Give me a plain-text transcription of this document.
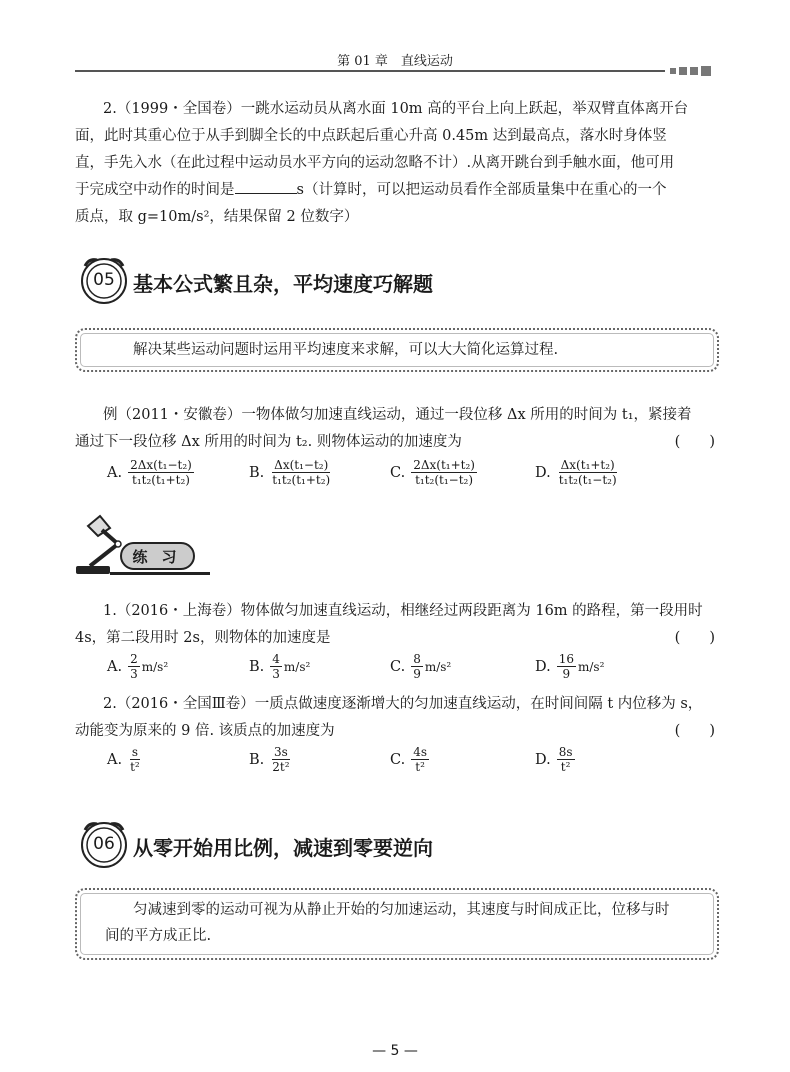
第 01 章　直线运动
2.（1999・全国卷）一跳水运动员从离水面 10m 高的平台上向上跃起，举双臂直体离开台
面，此时其重心位于从手到脚全长的中点跃起后重心升高 0.45m 达到最高点，落水时身体竖
直，手先入水（在此过程中运动员水平方向的运动忽略不计）.从离开跳台到手触水面，他可用
于完成空中动作的时间是	s（计算时，可以把运动员看作全部质量集中在重心的一个
质点，取 g=10m/s²，结果保留 2 位数字）
05 基本公式繁且杂，平均速度巧解题
解决某些运动问题时运用平均速度来求解，可以大大简化运算过程.
例（2011・安徽卷）一物体做匀加速直线运动，通过一段位移 Δx 所用的时间为 t₁，紧接着
通过下一段位移 Δx 所用的时间为 t₂. 则物体运动的加速度为	(　　)
A. $\frac{\text{2Δx(t₁−t₂)}}{\text{t₁t₂(t₁+t₂)}}$	B. $\frac{\text{Δx(t₁−t₂)}}{\text{t₁t₂(t₁+t₂)}}$	C. $\frac{\text{2Δx(t₁+t₂)}}{\text{t₁t₂(t₁−t₂)}}$	D. $\frac{\text{Δx(t₁+t₂)}}{\text{t₁t₂(t₁−t₂)}}$
练习
1.（2016・上海卷）物体做匀加速直线运动，相继经过两段距离为 16m 的路程，第一段用时
4s，第二段用时 2s，则物体的加速度是	(　　)
A. $\frac{2}{3} m/s^2$	B. $\frac{4}{3} m/s^2$	C. $\frac{8}{9} m/s^2$	D. $\frac{16}{9} m/s^2$
2.（2016・全国Ⅲ卷）一质点做速度逐渐增大的匀加速直线运动，在时间间隔 t 内位移为 s，
动能变为原来的 9 倍. 该质点的加速度为	(　　)
A. $\frac{s}{\text{t²}}$	B. $\frac{3s}{\text{2t²}}$	C. $\frac{4s}{\text{t²}}$	D. $\frac{8s}{\text{t²}}$
06 从零开始用比例，减速到零要逆向
匀减速到零的运动可视为从静止开始的匀加速运动，其速度与时间成正比，位移与时
间的平方成正比.
— 5 —
